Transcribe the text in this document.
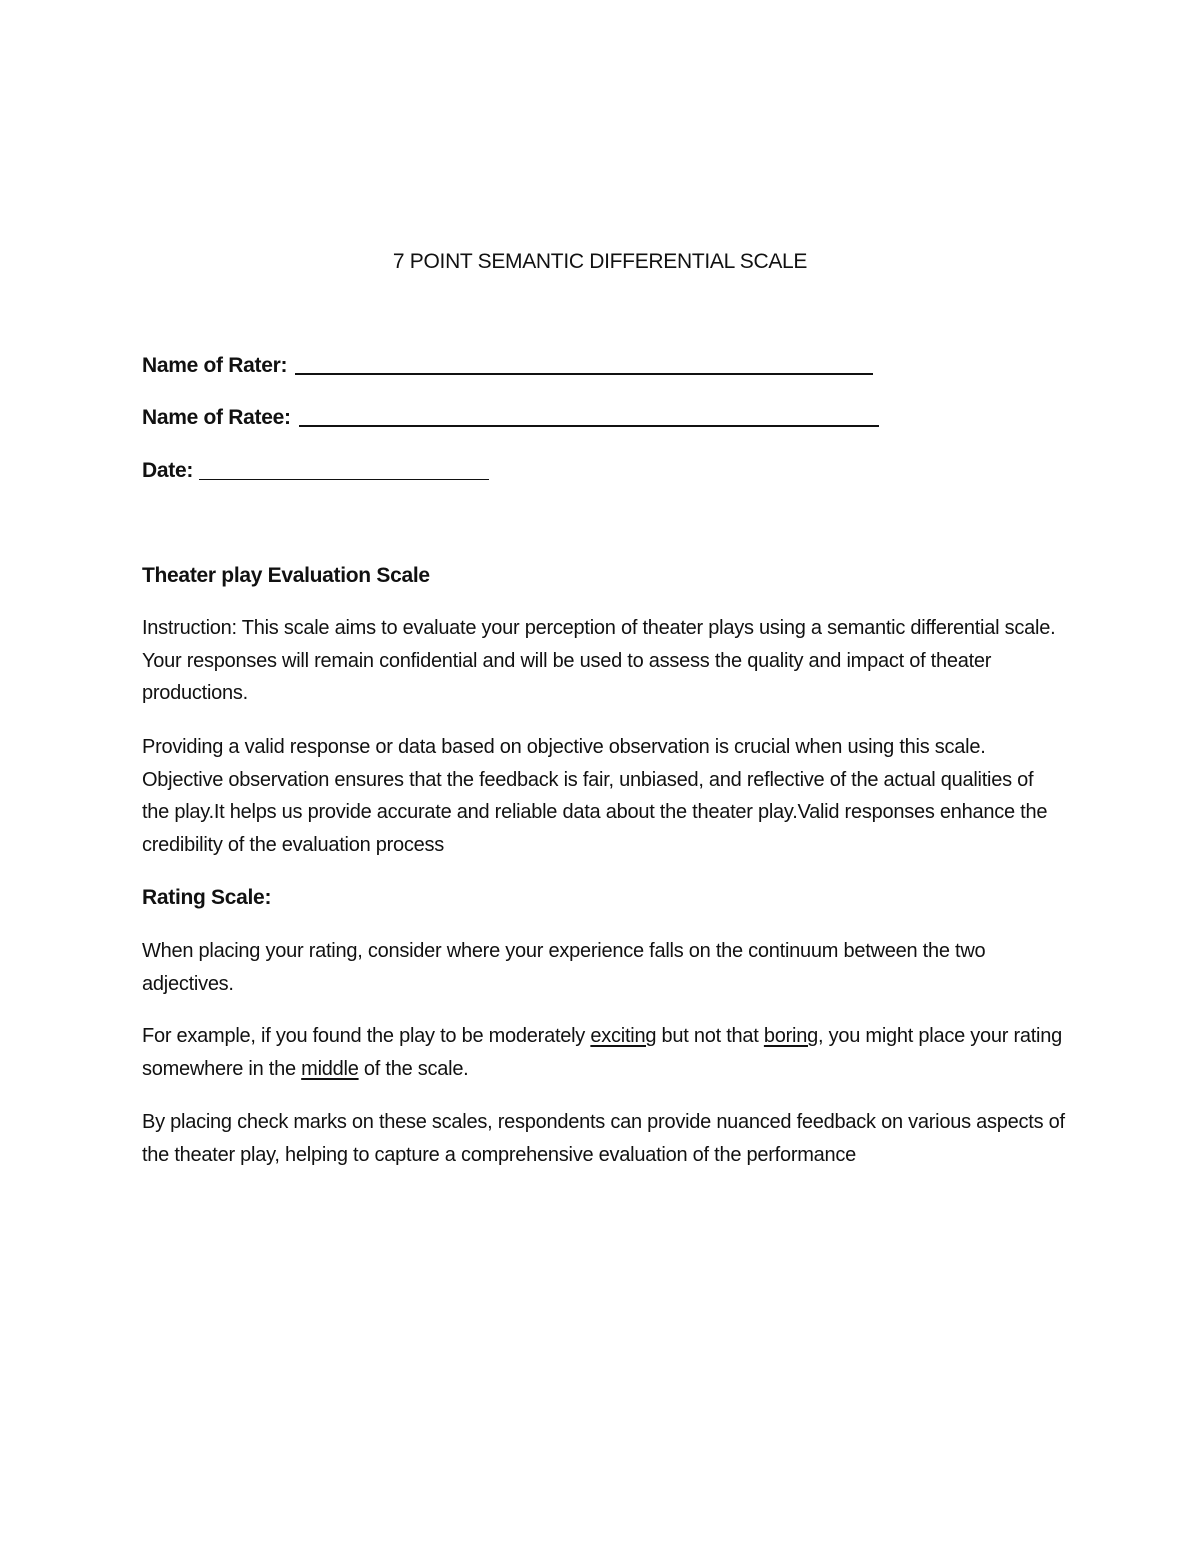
7 POINT SEMANTIC DIFFERENTIAL SCALE
Name of Rater:
Name of Ratee:
Date:
Theater play Evaluation Scale

Instruction: This scale aims to evaluate your perception of theater plays using a semantic differential scale. Your responses will remain confidential and will be used to assess the quality and impact of theater productions.

Providing a valid response or data based on objective observation is crucial when using this scale. Objective observation ensures that the feedback is fair, unbiased, and reflective of the actual qualities of the play.It helps us provide accurate and reliable data about the theater play.Valid responses enhance the credibility of the evaluation process

Rating Scale:

When placing your rating, consider where your experience falls on the continuum between the two adjectives.

For example, if you found the play to be moderately exciting but not that boring, you might place your rating somewhere in the middle of the scale.

By placing check marks on these scales, respondents can provide nuanced feedback on various aspects of the theater play, helping to capture a comprehensive evaluation of the performance
